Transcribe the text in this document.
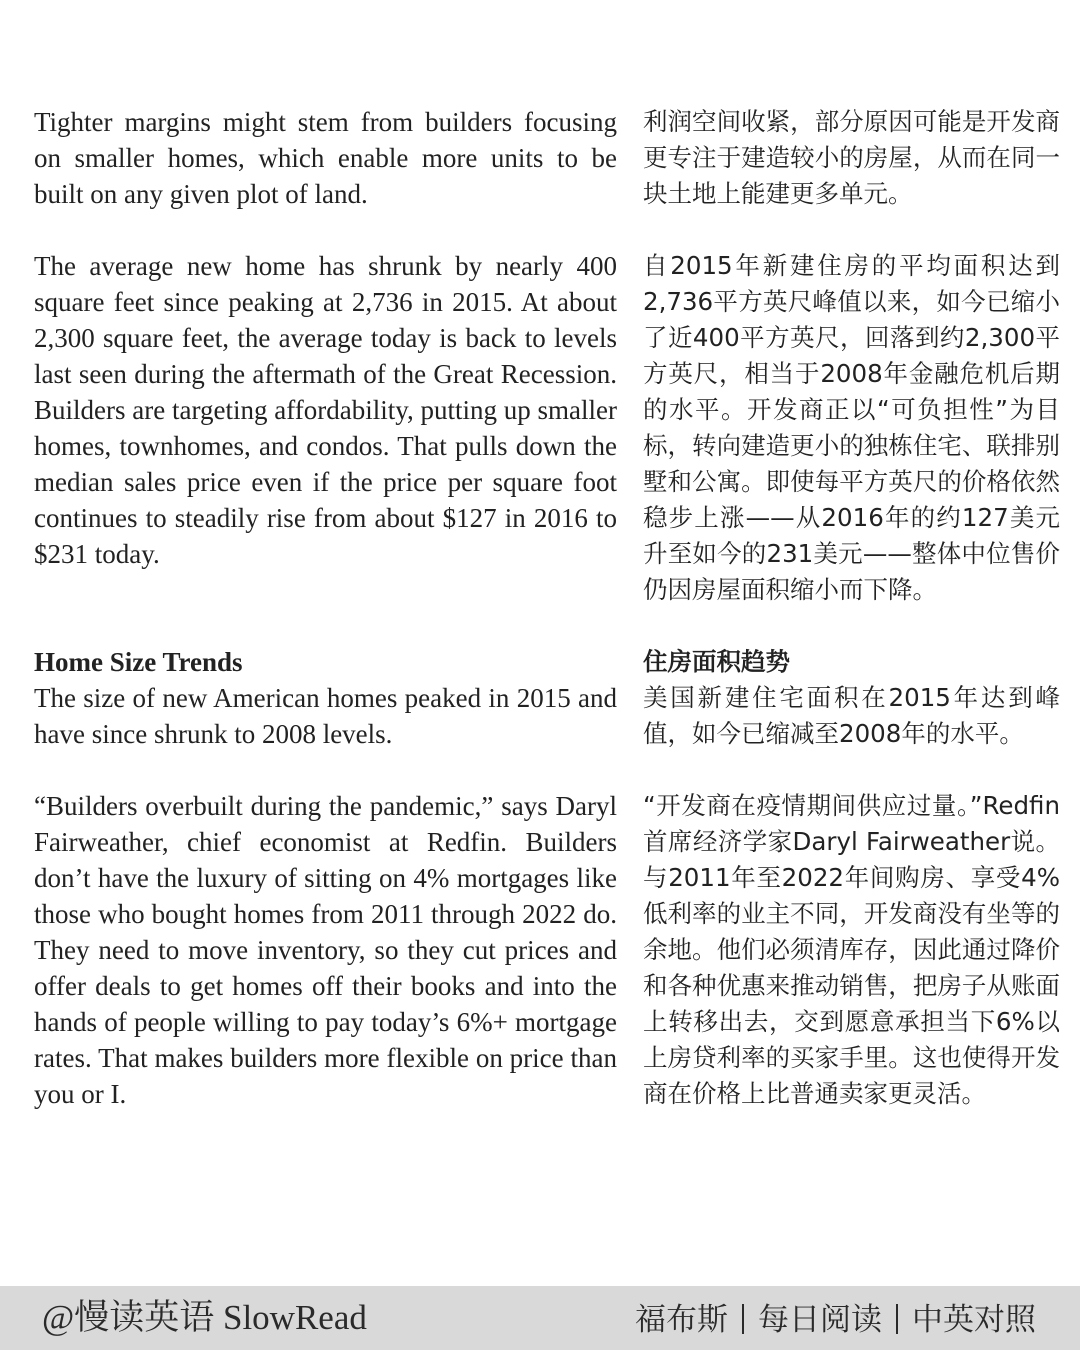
Tighter margins might stem from builders focusing on smaller homes, which enable more units to be built on any given plot of land.

利润空间收紧，部分原因可能是开发商更专注于建造较小的房屋，从而在同一块土地上能建更多单元。

The average new home has shrunk by nearly 400 square feet since peaking at 2,736 in 2015. At about 2,300 square feet, the average today is back to levels last seen during the aftermath of the Great Recession. Builders are targeting affordability, putting up smaller homes, townhomes, and condos. That pulls down the median sales price even if the price per square foot continues to steadily rise from about $127 in 2016 to $231 today.

自2015年新建住房的平均面积达到2,736平方英尺峰值以来，如今已缩小了近400平方英尺，回落到约2,300平方英尺，相当于2008年金融危机后期的水平。开发商正以“可负担性”为目标，转向建造更小的独栋住宅、联排别墅和公寓。即使每平方英尺的价格依然稳步上涨——从2016年的约127美元升至如今的231美元——整体中位售价仍因房屋面积缩小而下降。

Home Size Trends
The size of new American homes peaked in 2015 and have since shrunk to 2008 levels.
住房面积趋势
美国新建住宅面积在2015年达到峰值，如今已缩减至2008年的水平。

“Builders overbuilt during the pandemic,” says Daryl Fairweather, chief economist at Redfin. Builders don’t have the luxury of sitting on 4% mortgages like those who bought homes from 2011 through 2022 do. They need to move inventory, so they cut prices and offer deals to get homes off their books and into the hands of people willing to pay today’s 6%+ mortgage rates. That makes builders more flexible on price than you or I.

“开发商在疫情期间供应过量。”Redfin首席经济学家Daryl Fairweather说。与2011年至2022年间购房、享受4%低利率的业主不同，开发商没有坐等的余地。他们必须清库存，因此通过降价和各种优惠来推动销售，把房子从账面上转移出去，交到愿意承担当下6%以上房贷利率的买家手里。这也使得开发商在价格上比普通卖家更灵活。

@慢读英语 SlowRead	福布斯 每日阅读 中英对照
